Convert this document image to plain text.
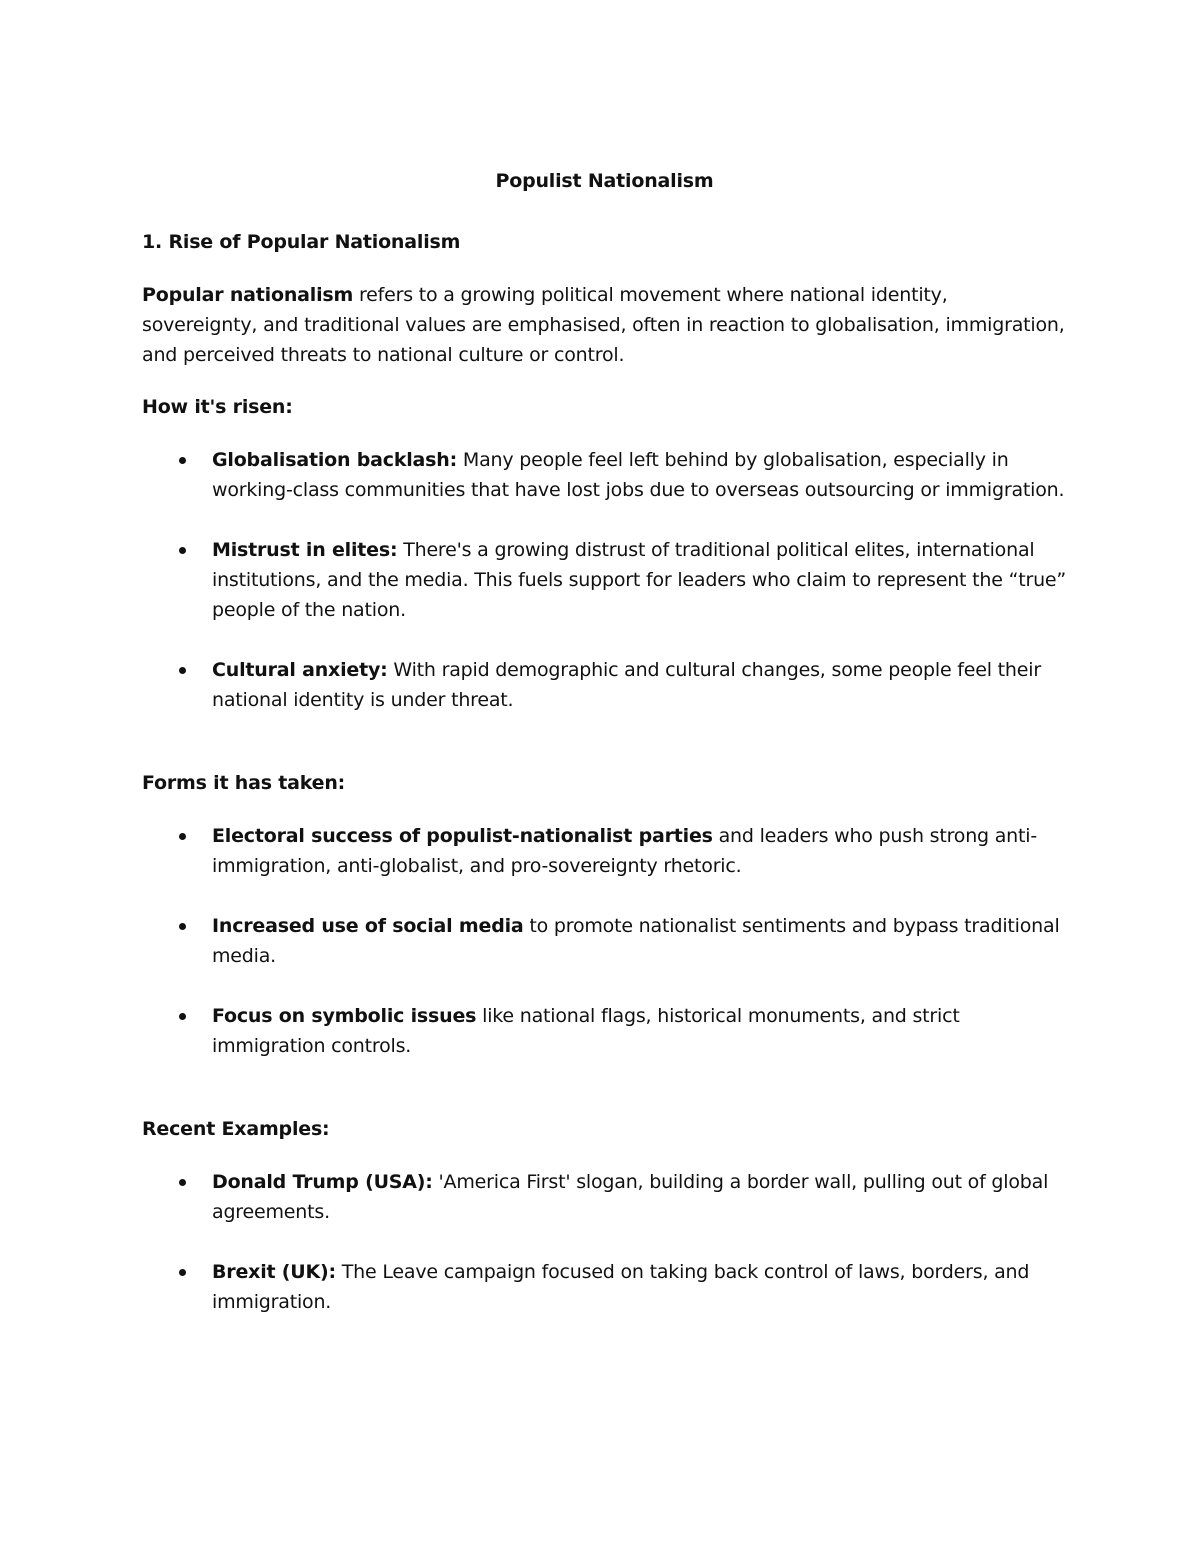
Populist Nationalism
1. Rise of Popular Nationalism

Popular nationalism refers to a growing political movement where national identity, sovereignty, and traditional values are emphasised, often in reaction to globalisation, immigration, and perceived threats to national culture or control.

How it's risen:
Globalisation backlash: Many people feel left behind by globalisation, especially in working-class communities that have lost jobs due to overseas outsourcing or immigration.
Mistrust in elites: There's a growing distrust of traditional political elites, international institutions, and the media. This fuels support for leaders who claim to represent the “true” people of the nation.
Cultural anxiety: With rapid demographic and cultural changes, some people feel their national identity is under threat.
Forms it has taken:
Electoral success of populist-nationalist parties and leaders who push strong anti-immigration, anti-globalist, and pro-sovereignty rhetoric.
Increased use of social media to promote nationalist sentiments and bypass traditional media.
Focus on symbolic issues like national flags, historical monuments, and strict immigration controls.
Recent Examples:
Donald Trump (USA): 'America First' slogan, building a border wall, pulling out of global agreements.
Brexit (UK): The Leave campaign focused on taking back control of laws, borders, and immigration.
